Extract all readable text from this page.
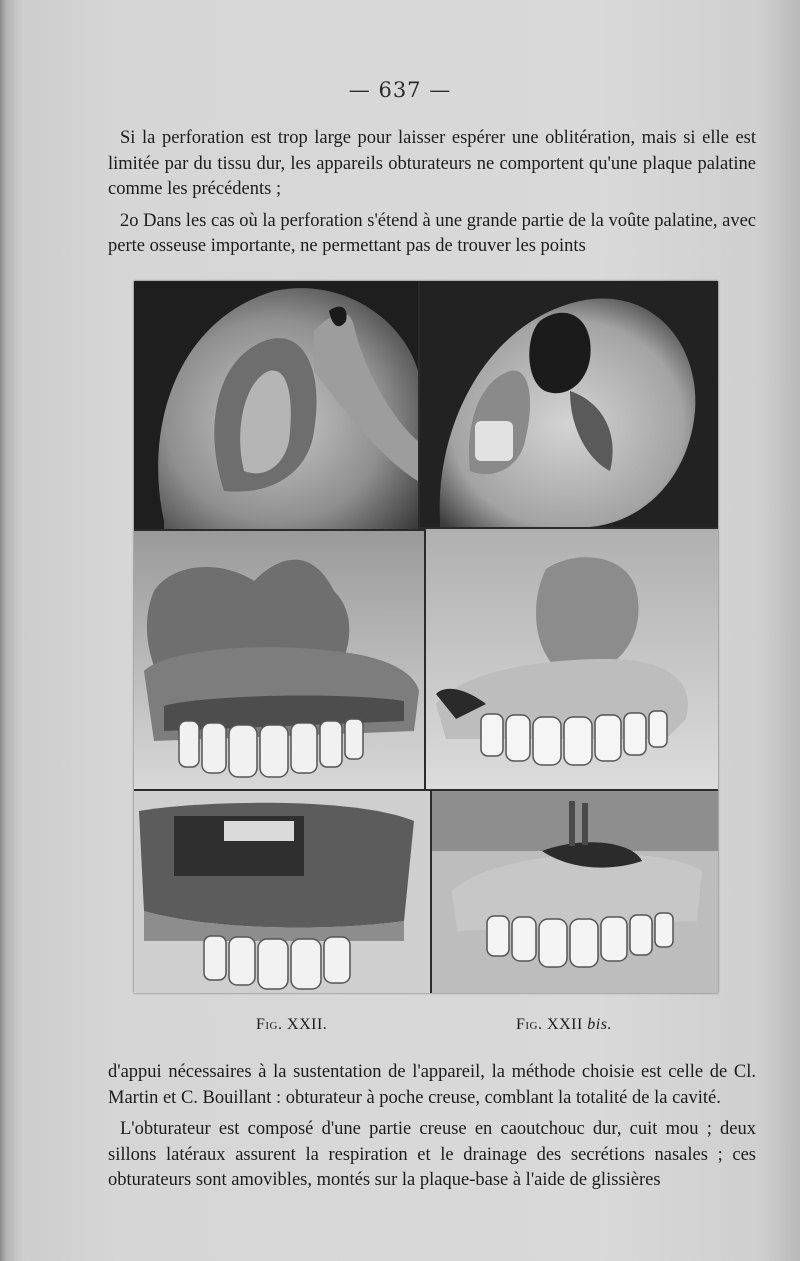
— 637 —

Si la perforation est trop large pour laisser espérer une oblitération, mais si elle est limitée par du tissu dur, les appareils obturateurs ne comportent qu'une plaque palatine comme les précédents ;

2o Dans les cas où la perforation s'étend à une grande partie de la voûte palatine, avec perte osseuse importante, ne permettant pas de trouver les points

Fig. XXII.	Fig. XXII bis.

d'appui nécessaires à la sustentation de l'appareil, la méthode choisie est celle de Cl. Martin et C. Bouillant : obturateur à poche creuse, comblant la totalité de la cavité.

L'obturateur est composé d'une partie creuse en caoutchouc dur, cuit mou ; deux sillons latéraux assurent la respiration et le drainage des secrétions nasales ; ces obturateurs sont amovibles, montés sur la plaque-base à l'aide de glissières
